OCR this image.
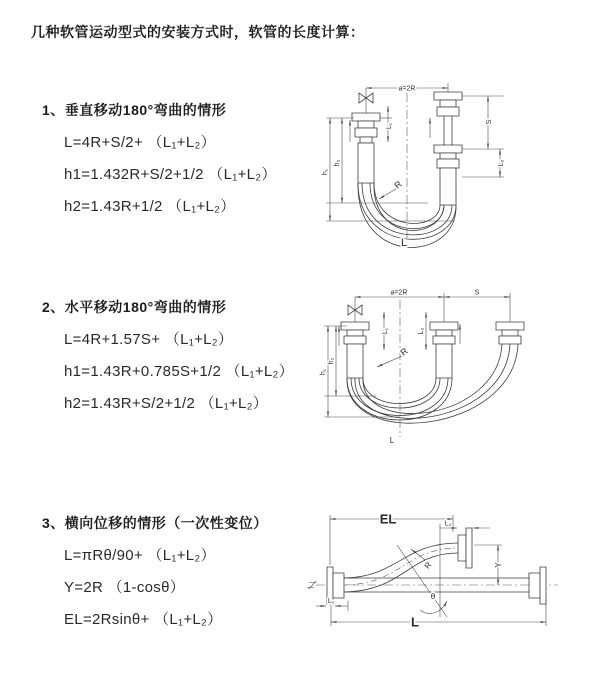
几种软管运动型式的安装方式时，软管的长度计算：
1、垂直移动180°弯曲的情形
L=4R+S/2+ （L₁+L₂）
h1=1.432R+S/2+1/2 （L₁+L₂）
h2=1.43R+1/2 （L₁+L₂）
2、水平移动180°弯曲的情形
L=4R+1.57S+ （L₁+L₂）
h1=1.43R+0.785S+1/2 （L₁+L₂）
h2=1.43R+S/2+1/2 （L₁+L₂）
3、横向位移的情形（一次性变位）
L=πRθ/90+ （L₁+L₂）
Y=2R （1-cosθ）
EL=2Rsinθ+ （L₁+L₂）
a=2R
S
L₂
h₁
h₂
L₁
R
L
a=2R	S
L₁	L₂
h₁
h₂
R
L
EL	L₂
θ
R	Y
L
L₁
